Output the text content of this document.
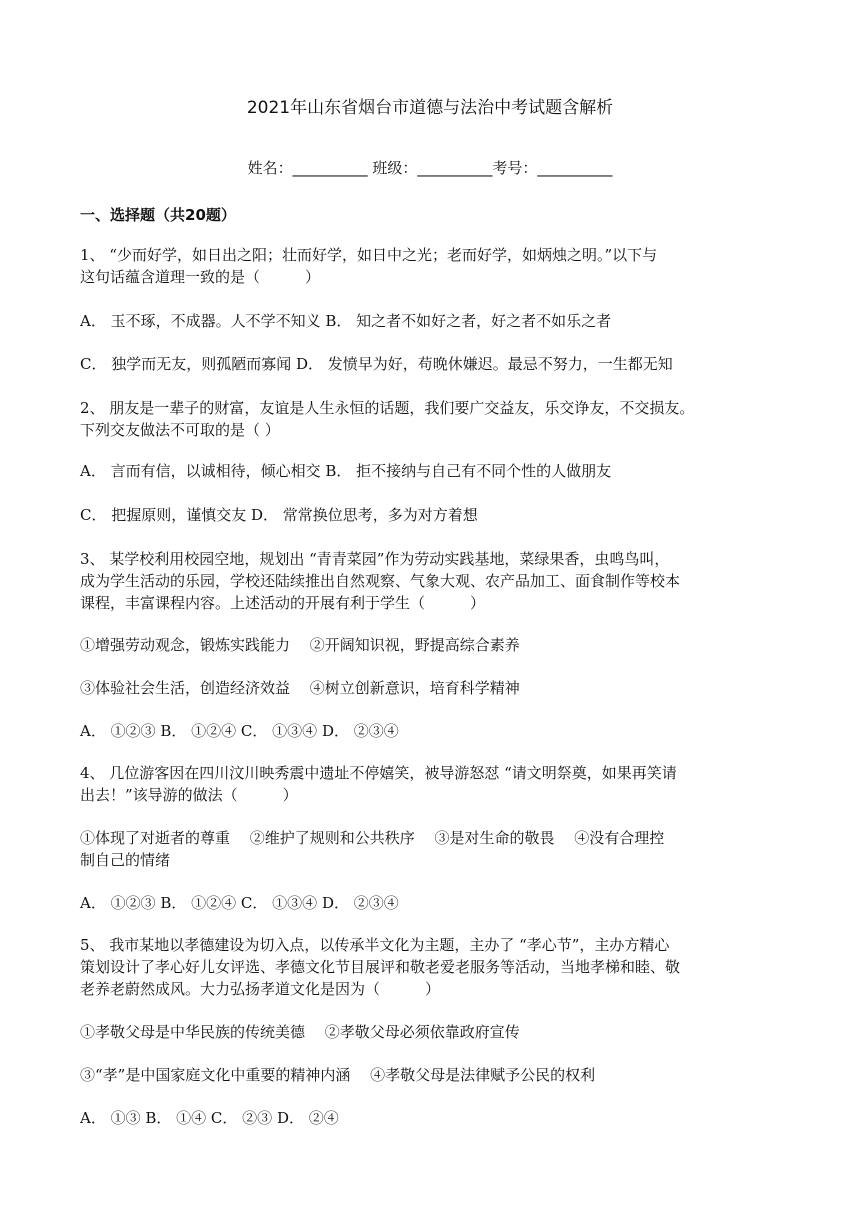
2021年山东省烟台市道德与法治中考试题含解析
姓名：__________ 班级：__________考号：__________
一、选择题（共20题）
1、 “少而好学，如日出之阳；壮而好学，如日中之光；老而好学，如炳烛之明。”以下与
这句话蕴含道理一致的是（　　　）
A． 玉不琢，不成器。人不学不知义 B． 知之者不如好之者，好之者不如乐之者
C． 独学而无友，则孤陋而寡闻 D． 发愤早为好，苟晚休嫌迟。最忌不努力，一生都无知
2、 朋友是一辈子的财富，友谊是人生永恒的话题，我们要广交益友，乐交诤友，不交损友。
下列交友做法不可取的是（ ）
A． 言而有信，以诚相待，倾心相交 B． 拒不接纳与自己有不同个性的人做朋友
C． 把握原则，谨慎交友 D． 常常换位思考，多为对方着想
3、 某学校利用校园空地，规划出 “青青菜园”作为劳动实践基地，菜绿果香，虫鸣鸟叫，
成为学生活动的乐园，学校还陆续推出自然观察、气象大观、农产品加工、面食制作等校本
课程，丰富课程内容。上述活动的开展有利于学生（　　　）
①增强劳动观念，锻炼实践能力　 ②开阔知识视，野提高综合素养
③体验社会生活，创造经济效益　 ④树立创新意识，培育科学精神
A． ①②③ B． ①②④ C． ①③④ D． ②③④
4、 几位游客因在四川汶川映秀震中遗址不停嬉笑，被导游怒怼 “请文明祭奠，如果再笑请
出去！”该导游的做法（　　　）
①体现了对逝者的尊重　 ②维护了规则和公共秩序　 ③是对生命的敬畏　 ④没有合理控
制自己的情绪
A． ①②③ B． ①②④ C． ①③④ D． ②③④
5、 我市某地以孝德建设为切入点，以传承半文化为主题，主办了 “孝心节”，主办方精心
策划设计了孝心好儿女评选、孝德文化节目展评和敬老爱老服务等活动，当地孝梯和睦、敬
老养老蔚然成风。大力弘扬孝道文化是因为（　　　）
①孝敬父母是中华民族的传统美德　 ②孝敬父母必须依靠政府宣传
③“孝”是中国家庭文化中重要的精神内涵　 ④孝敬父母是法律赋予公民的权利
A． ①③ B． ①④ C． ②③ D． ②④
